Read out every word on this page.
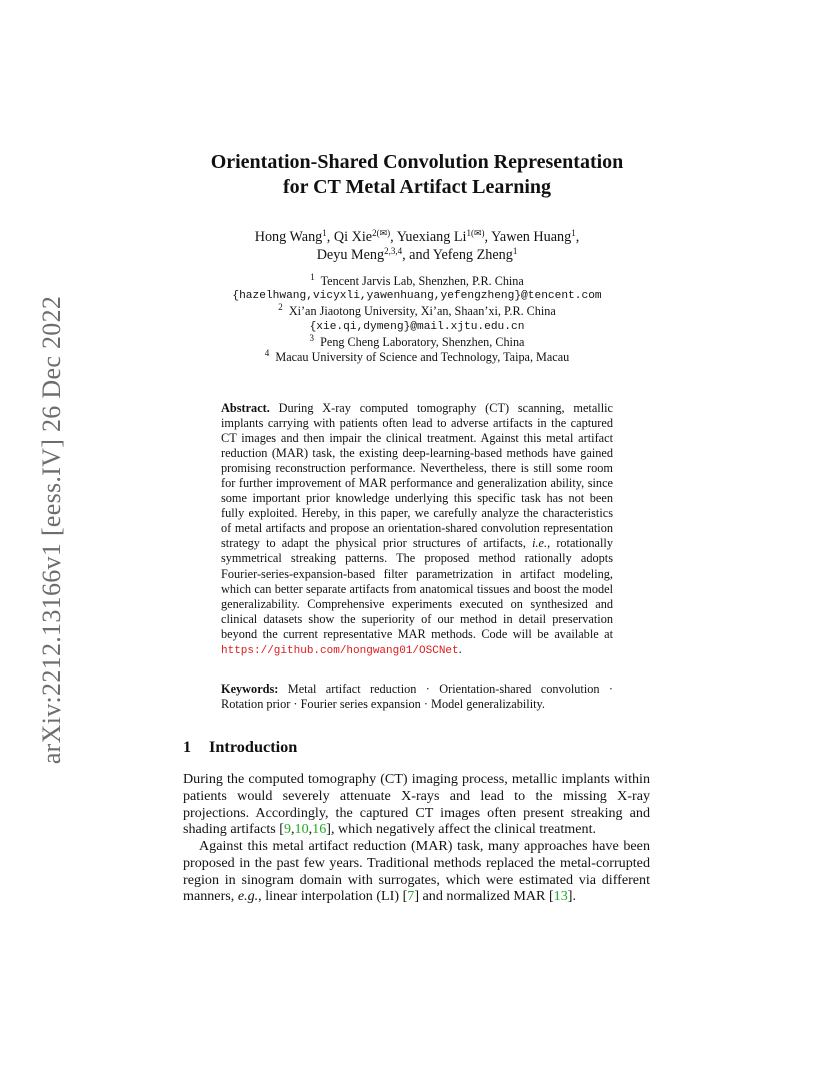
arXiv:2212.13166v1 [eess.IV] 26 Dec 2022
Orientation-Shared Convolution Representation
for CT Metal Artifact Learning
Hong Wang$^1$, Qi Xie$^{2(✉)}$, Yuexiang $Li^{1(✉)}$, Yawen Huang$^1$,
Deyu Meng$^{2,3,4}$, and Yefeng Zheng$^1$
$^1$ Tencent Jarvis Lab, Shenzhen, P.R. China
{hazelhwang,vicyxli,yawenhuang,yefengzheng}@tencent.com
$^2$ Xi’an Jiaotong University, Xi’an, Shaan’xi, P.R. China
{xie.qi,dymeng}@mail.xjtu.edu.cn
$^3$ Peng Cheng Laboratory, Shenzhen, China
$^4$ Macau University of Science and Technology, Taipa, Macau

Abstract. During X-ray computed tomography (CT) scanning, metallic implants carrying with patients often lead to adverse artifacts in the captured CT images and then impair the clinical treatment. Against this metal artifact reduction (MAR) task, the existing deep-learning-based methods have gained promising reconstruction performance. Nevertheless, there is still some room for further improvement of MAR performance and generalization ability, since some important prior knowledge underlying this specific task has not been fully exploited. Hereby, in this paper, we carefully analyze the characteristics of metal artifacts and propose an orientation-shared convolution representation strategy to adapt the physical prior structures of artifacts, i.e., rotationally symmetrical streaking patterns. The proposed method rationally adopts Fourier-series-expansion-based filter parametrization in artifact modeling, which can better separate artifacts from anatomical tissues and boost the model generalizability. Comprehensive experiments executed on synthesized and clinical datasets show the superiority of our method in detail preservation beyond the current representative MAR methods. Code will be available at https://github.com/hongwang01/OSCNet.

Keywords: Metal artifact reduction · Orientation-shared convolution · Rotation prior · Fourier series expansion · Model generalizability.

1 Introduction

During the computed tomography (CT) imaging process, metallic implants within patients would severely attenuate X-rays and lead to the missing X-ray projections. Accordingly, the captured CT images often present streaking and shading artifacts [9,10,16], which negatively affect the clinical treatment.

Against this metal artifact reduction (MAR) task, many approaches have been proposed in the past few years. Traditional methods replaced the metal-corrupted region in sinogram domain with surrogates, which were estimated via different manners, e.g., linear interpolation (LI) [7] and normalized MAR [13].
